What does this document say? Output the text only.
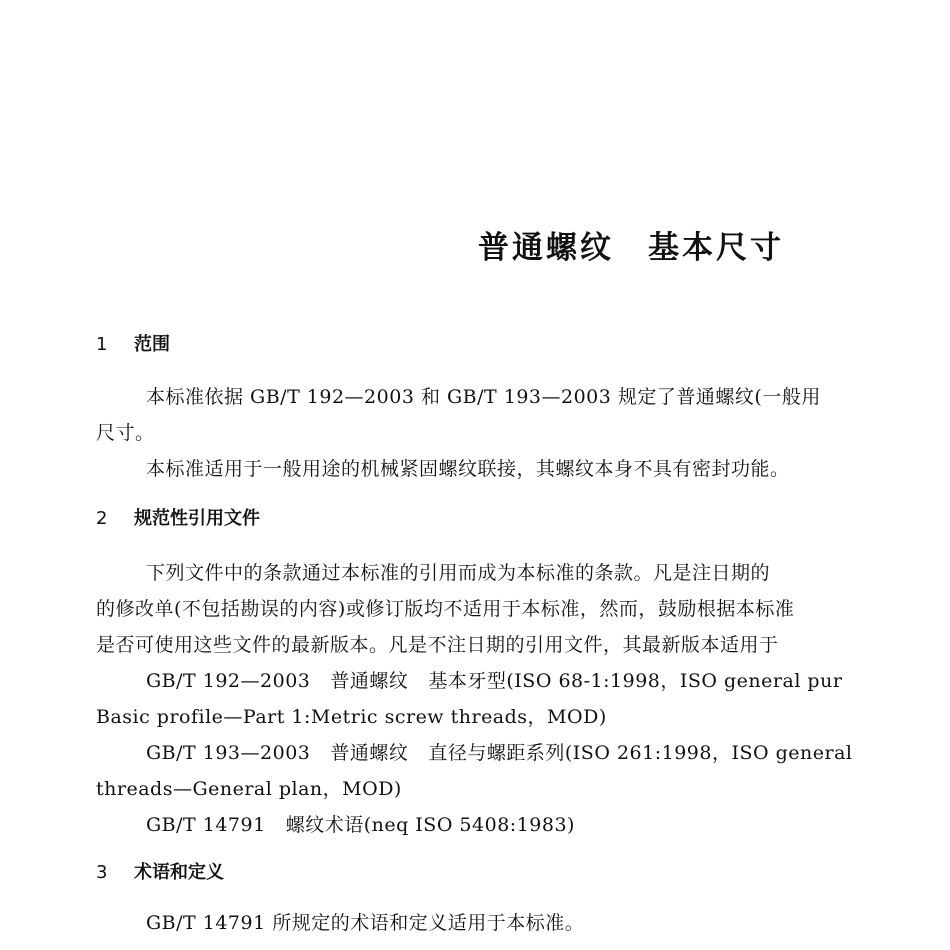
普通螺纹 基本尺寸
1 范围
本标准依据 GB/T 192—2003 和 GB/T 193—2003 规定了普通螺纹(一般用
尺寸。
本标准适用于一般用途的机械紧固螺纹联接，其螺纹本身不具有密封功能。
2 规范性引用文件
下列文件中的条款通过本标准的引用而成为本标准的条款。凡是注日期的
的修改单(不包括勘误的内容)或修订版均不适用于本标准，然而，鼓励根据本标准
是否可使用这些文件的最新版本。凡是不注日期的引用文件，其最新版本适用于
GB/T 192—2003 普通螺纹 基本牙型(ISO 68-1:1998，ISO general pur
Basic profile—Part 1:Metric screw threads，MOD)
GB/T 193—2003 普通螺纹 直径与螺距系列(ISO 261:1998，ISO general
threads—General plan，MOD)
GB/T 14791 螺纹术语(neq ISO 5408:1983)
3 术语和定义
GB/T 14791 所规定的术语和定义适用于本标准。
